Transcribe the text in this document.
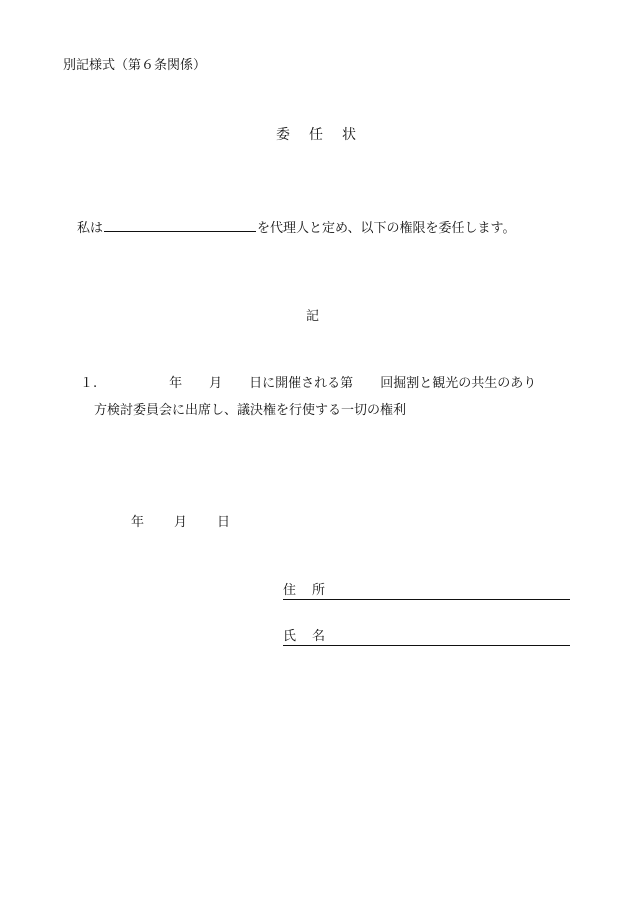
別記様式（第６条関係）
委 任 状
私は	を代理人と定め、以下の権限を委任します。
記
１.	年 月 日に開催される第 回掘割と観光の共生のあり
方検討委員会に出席し、議決権を行使する一切の権利
年 月 日
住 所
氏 名
